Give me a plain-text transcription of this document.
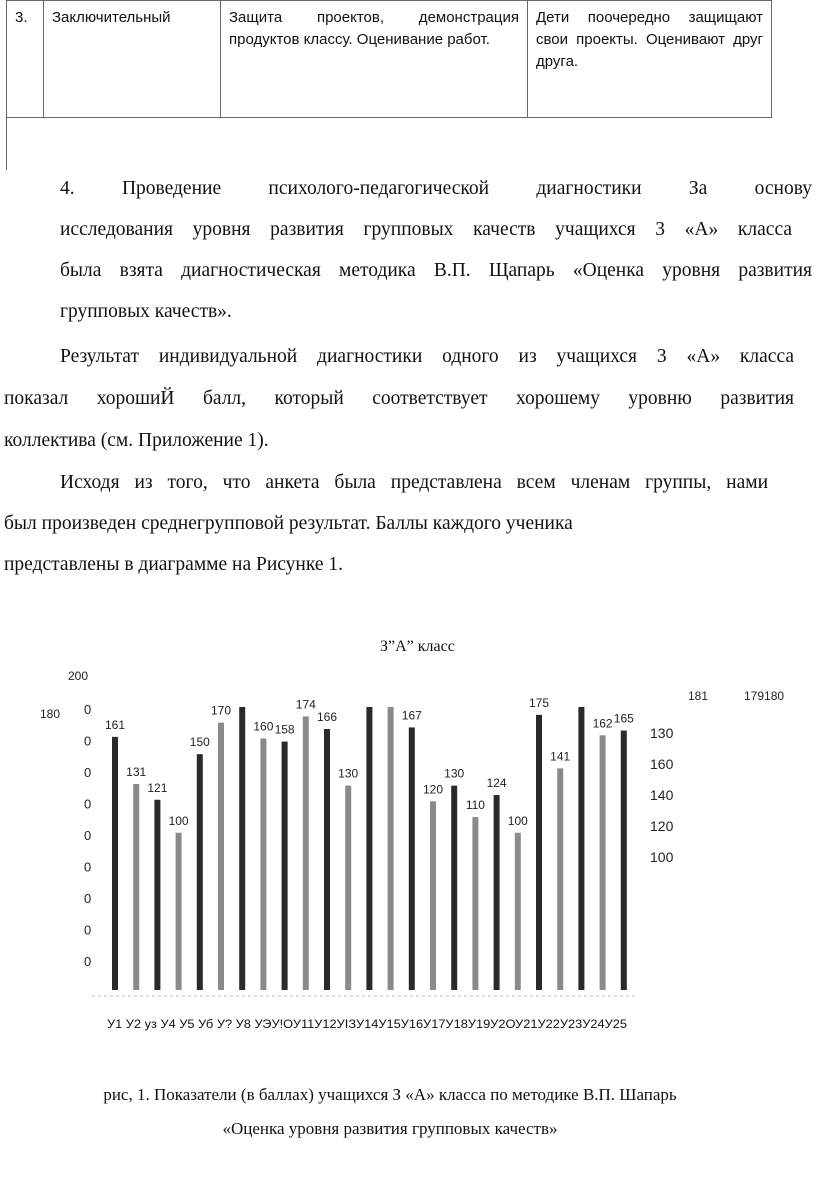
3.	Заключительный	Защита проектов, демонстрация продуктов классу. Оценивание работ.	Дети поочередно защищают свои проекты. Оценивают друг друга.
4. Проведение психолого-педагогической диагностики За основу
исследования уровня развития групповых качеств учащихся 3 «А» класса
была взята диагностическая методика В.П. Щапарь «Оценка уровня развития
групповых качеств».
Результат индивидуальной диагностики одного из учащихся 3 «А» класса
показал хорошиЙ балл, который соответствует хорошему уровню развития
коллектива (см. Приложение 1).
Исходя из того, что анкета была представлена всем членам группы, нами
был произведен среднегрупповой результат. Баллы каждого ученика
представлены в диаграмме на Рисунке 1.
З”А” класс
161
131
121
100
150
170
160 158
174
166
130
167
120
130
110
124
100
175
141
162 165
200
180 0
0
0
0
0
0
0
0
0
181	179180
130
160
140
120
100
У1 У2 уз У4 У5 Уб У? У8 УЭУ!ОУ11У12УIЗУ14У15У16У17У18У19У2ОУ21У22У23У24У25
рис, 1. Показатели (в баллах) учащихся З «А» класса по методике В.П. Шапарь
«Оценка уровня развития групповых качеств»
